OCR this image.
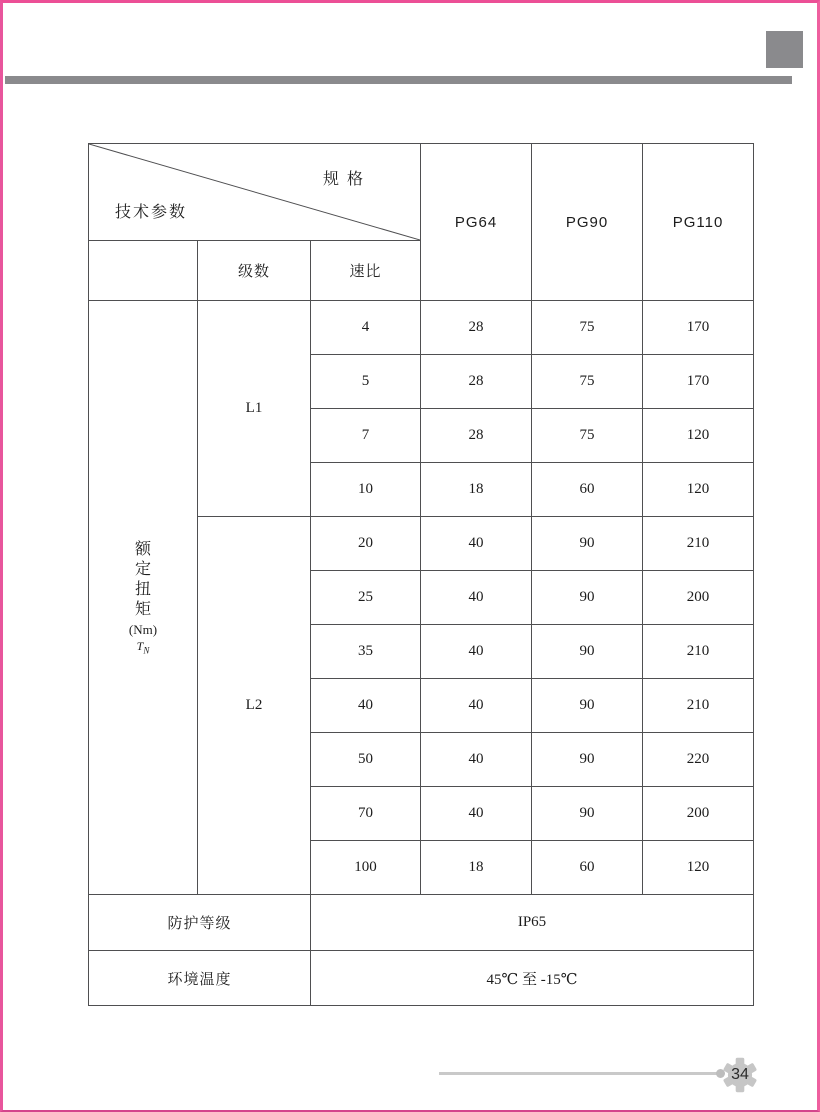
规 格
技术参数			PG64	PG90	PG110
	级数	速比			

额定扭矩
(Nm)
$T_N$	L1	4	28	75	170
		5	28	75	170
		7	28	75	120
		10	18	60	120
	L2	20	40	90	210
		25	40	90	200
		35	40	90	210
		40	40	90	210
		50	40	90	220
		70	40	90	200
		100	18	60	120
防护等级		IP65			
环境温度		45℃ 至 -15℃			
34
